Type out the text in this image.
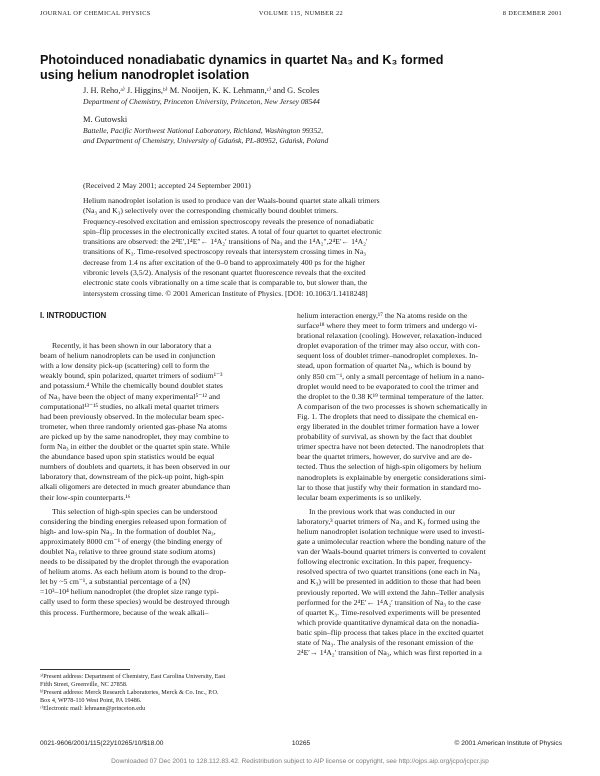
JOURNAL OF CHEMICAL PHYSICS	VOLUME 115, NUMBER 22	8 DECEMBER 2001
Photoinduced nonadiabatic dynamics in quartet Na₃ and K₃ formed
using helium nanodroplet isolation
J. H. Reho,ᵃ⁾ J. Higgins,ᵇ⁾ M. Nooijen, K. K. Lehmann,ᶜ⁾ and G. Scoles
Department of Chemistry, Princeton University, Princeton, New Jersey 08544
M. Gutowski
Battelle, Pacific Northwest National Laboratory, Richland, Washington 99352,
and Department of Chemistry, University of Gdańsk, PL-80952, Gdańsk, Poland
(Received 2 May 2001; accepted 24 September 2001)
Helium nanodroplet isolation is used to produce van der Waals-bound quartet state alkali trimers
(Na₃ and K₃) selectively over the corresponding chemically bound doublet trimers.
Frequency-resolved excitation and emission spectroscopy reveals the presence of nonadiabatic
spin–flip processes in the electronically excited states. A total of four quartet to quartet electronic
transitions are observed: the 2⁴E′,1⁴E″← 1⁴A₂′ transitions of Na₃ and the 1⁴A₂″,2⁴E′← 1⁴A₂′
transitions of K₃. Time-resolved spectroscopy reveals that intersystem crossing times in Na₃
decrease from 1.4 ns after excitation of the 0–0 band to approximately 400 ps for the higher
vibronic levels (3,5/2). Analysis of the resonant quartet fluorescence reveals that the excited
electronic state cools vibrationally on a time scale that is comparable to, but slower than, the
intersystem crossing time. © 2001 American Institute of Physics. [DOI: 10.1063/1.1418248]
I. INTRODUCTION
Recently, it has been shown in our laboratory that a
beam of helium nanodroplets can be used in conjunction
with a low density pick-up (scattering) cell to form the
weakly bound, spin polarized, quartet trimers of sodium¹⁻³
and potassium.⁴ While the chemically bound doublet states
of Na₃ have been the object of many experimental⁵⁻¹² and
computational¹³⁻¹⁵ studies, no alkali metal quartet trimers
had been previously observed. In the molecular beam spec-
trometer, when three randomly oriented gas-phase Na atoms
are picked up by the same nanodroplet, they may combine to
form Na₃ in either the doublet or the quartet spin state. While
the abundance based upon spin statistics would be equal
numbers of doublets and quartets, it has been observed in our
laboratory that, downstream of the pick-up point, high-spin
alkali oligomers are detected in much greater abundance than
their low-spin counterparts.¹⁶
This selection of high-spin species can be understood
considering the binding energies released upon formation of
high- and low-spin Na₃. In the formation of doublet Na₃,
approximately 8000 cm⁻¹ of energy (the binding energy of
doublet Na₃ relative to three ground state sodium atoms)
needs to be dissipated by the droplet through the evaporation
of helium atoms. As each helium atom is bound to the drop-
let by ~5 cm⁻¹, a substantial percentage of a ⟨N⟩
=10³–10⁴ helium nanodroplet (the droplet size range typi-
cally used to form these species) would be destroyed through
this process. Furthermore, because of the weak alkali–
helium interaction energy,¹⁷ the Na atoms reside on the
surface¹⁸ where they meet to form trimers and undergo vi-
brational relaxation (cooling). However, relaxation-induced
droplet evaporation of the trimer may also occur, with con-
sequent loss of doublet trimer–nanodroplet complexes. In-
stead, upon formation of quartet Na₃, which is bound by
only 850 cm⁻¹, only a small percentage of helium in a nano-
droplet would need to be evaporated to cool the trimer and
the droplet to the 0.38 K¹⁹ terminal temperature of the latter.
A comparison of the two processes is shown schematically in
Fig. 1. The droplets that need to dissipate the chemical en-
ergy liberated in the doublet trimer formation have a lower
probability of survival, as shown by the fact that doublet
trimer spectra have not been detected. The nanodroplets that
bear the quartet trimers, however, do survive and are de-
tected. Thus the selection of high-spin oligomers by helium
nanodroplets is explainable by energetic considerations simi-
lar to those that justify why their formation in standard mo-
lecular beam experiments is so unlikely.
In the previous work that was conducted in our
laboratory,³ quartet trimers of Na₃ and K₃ formed using the
helium nanodroplet isolation technique were used to investi-
gate a unimolecular reaction where the bonding nature of the
van der Waals-bound quartet trimers is converted to covalent
following electronic excitation. In this paper, frequency-
resolved spectra of two quartet transitions (one each in Na₃
and K₃) will be presented in addition to those that had been
previously reported. We will extend the Jahn–Teller analysis
performed for the 2⁴E′← 1⁴A₂′ transition of Na₃ to the case
of quartet K₃. Time-resolved experiments will be presented
which provide quantitative dynamical data on the nonadia-
batic spin–flip process that takes place in the excited quartet
state of Na₃. The analysis of the resonant emission of the
2⁴E′→ 1⁴A₂′ transition of Na₃, which was first reported in a
ᵃ⁾Present address: Department of Chemistry, East Carolina University, East
Fifth Street, Greenville, NC 27858.
ᵇ⁾Present address: Merck Research Laboratories, Merck & Co. Inc., P.O.
Box 4, WP78-110 West Point, PA 19486.
ᶜ⁾Electronic mail: lehmann@princeton.edu
0021-9606/2001/115(22)/10265/10/$18.00	10265	© 2001 American Institute of Physics
Downloaded 07 Dec 2001 to 128.112.83.42. Redistribution subject to AIP license or copyright, see http://ojps.aip.org/jcpo/jcpcr.jsp
